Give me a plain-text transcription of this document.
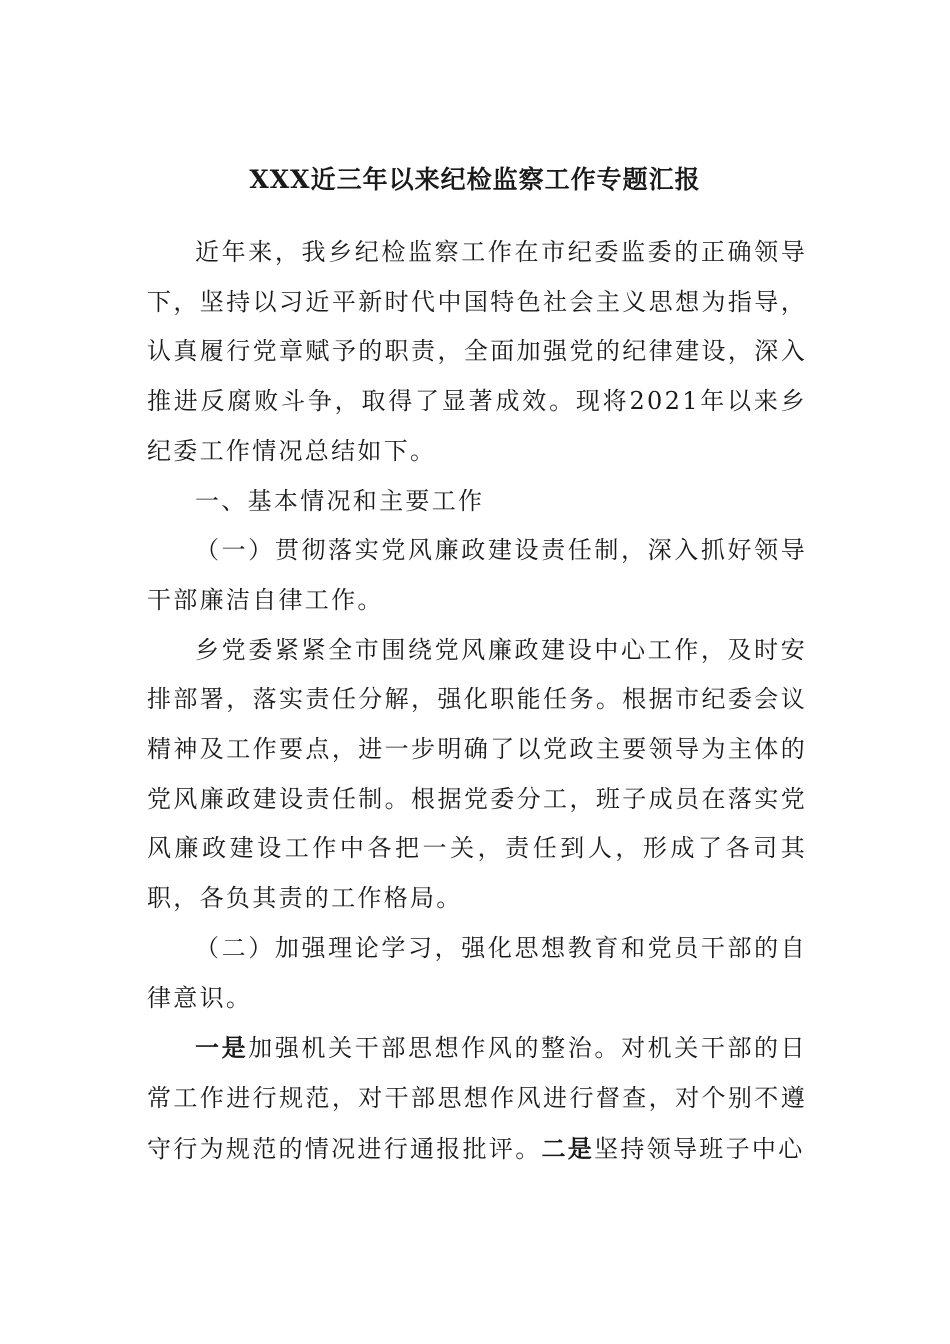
XXX近三年以来纪检监察工作专题汇报

近年来，我乡纪检监察工作在市纪委监委的正确领导下，坚持以习近平新时代中国特色社会主义思想为指导，认真履行党章赋予的职责，全面加强党的纪律建设，深入推进反腐败斗争，取得了显著成效。现将2021年以来乡纪委工作情况总结如下。

一、基本情况和主要工作

（一）贯彻落实党风廉政建设责任制，深入抓好领导干部廉洁自律工作。

乡党委紧紧全市围绕党风廉政建设中心工作，及时安排部署，落实责任分解，强化职能任务。根据市纪委会议精神及工作要点，进一步明确了以党政主要领导为主体的党风廉政建设责任制。根据党委分工，班子成员在落实党风廉政建设工作中各把一关，责任到人，形成了各司其职，各负其责的工作格局。

（二）加强理论学习，强化思想教育和党员干部的自律意识。

一是加强机关干部思想作风的整治。对机关干部的日常工作进行规范，对干部思想作风进行督查，对个别不遵守行为规范的情况进行通报批评。二是坚持领导班子中心
